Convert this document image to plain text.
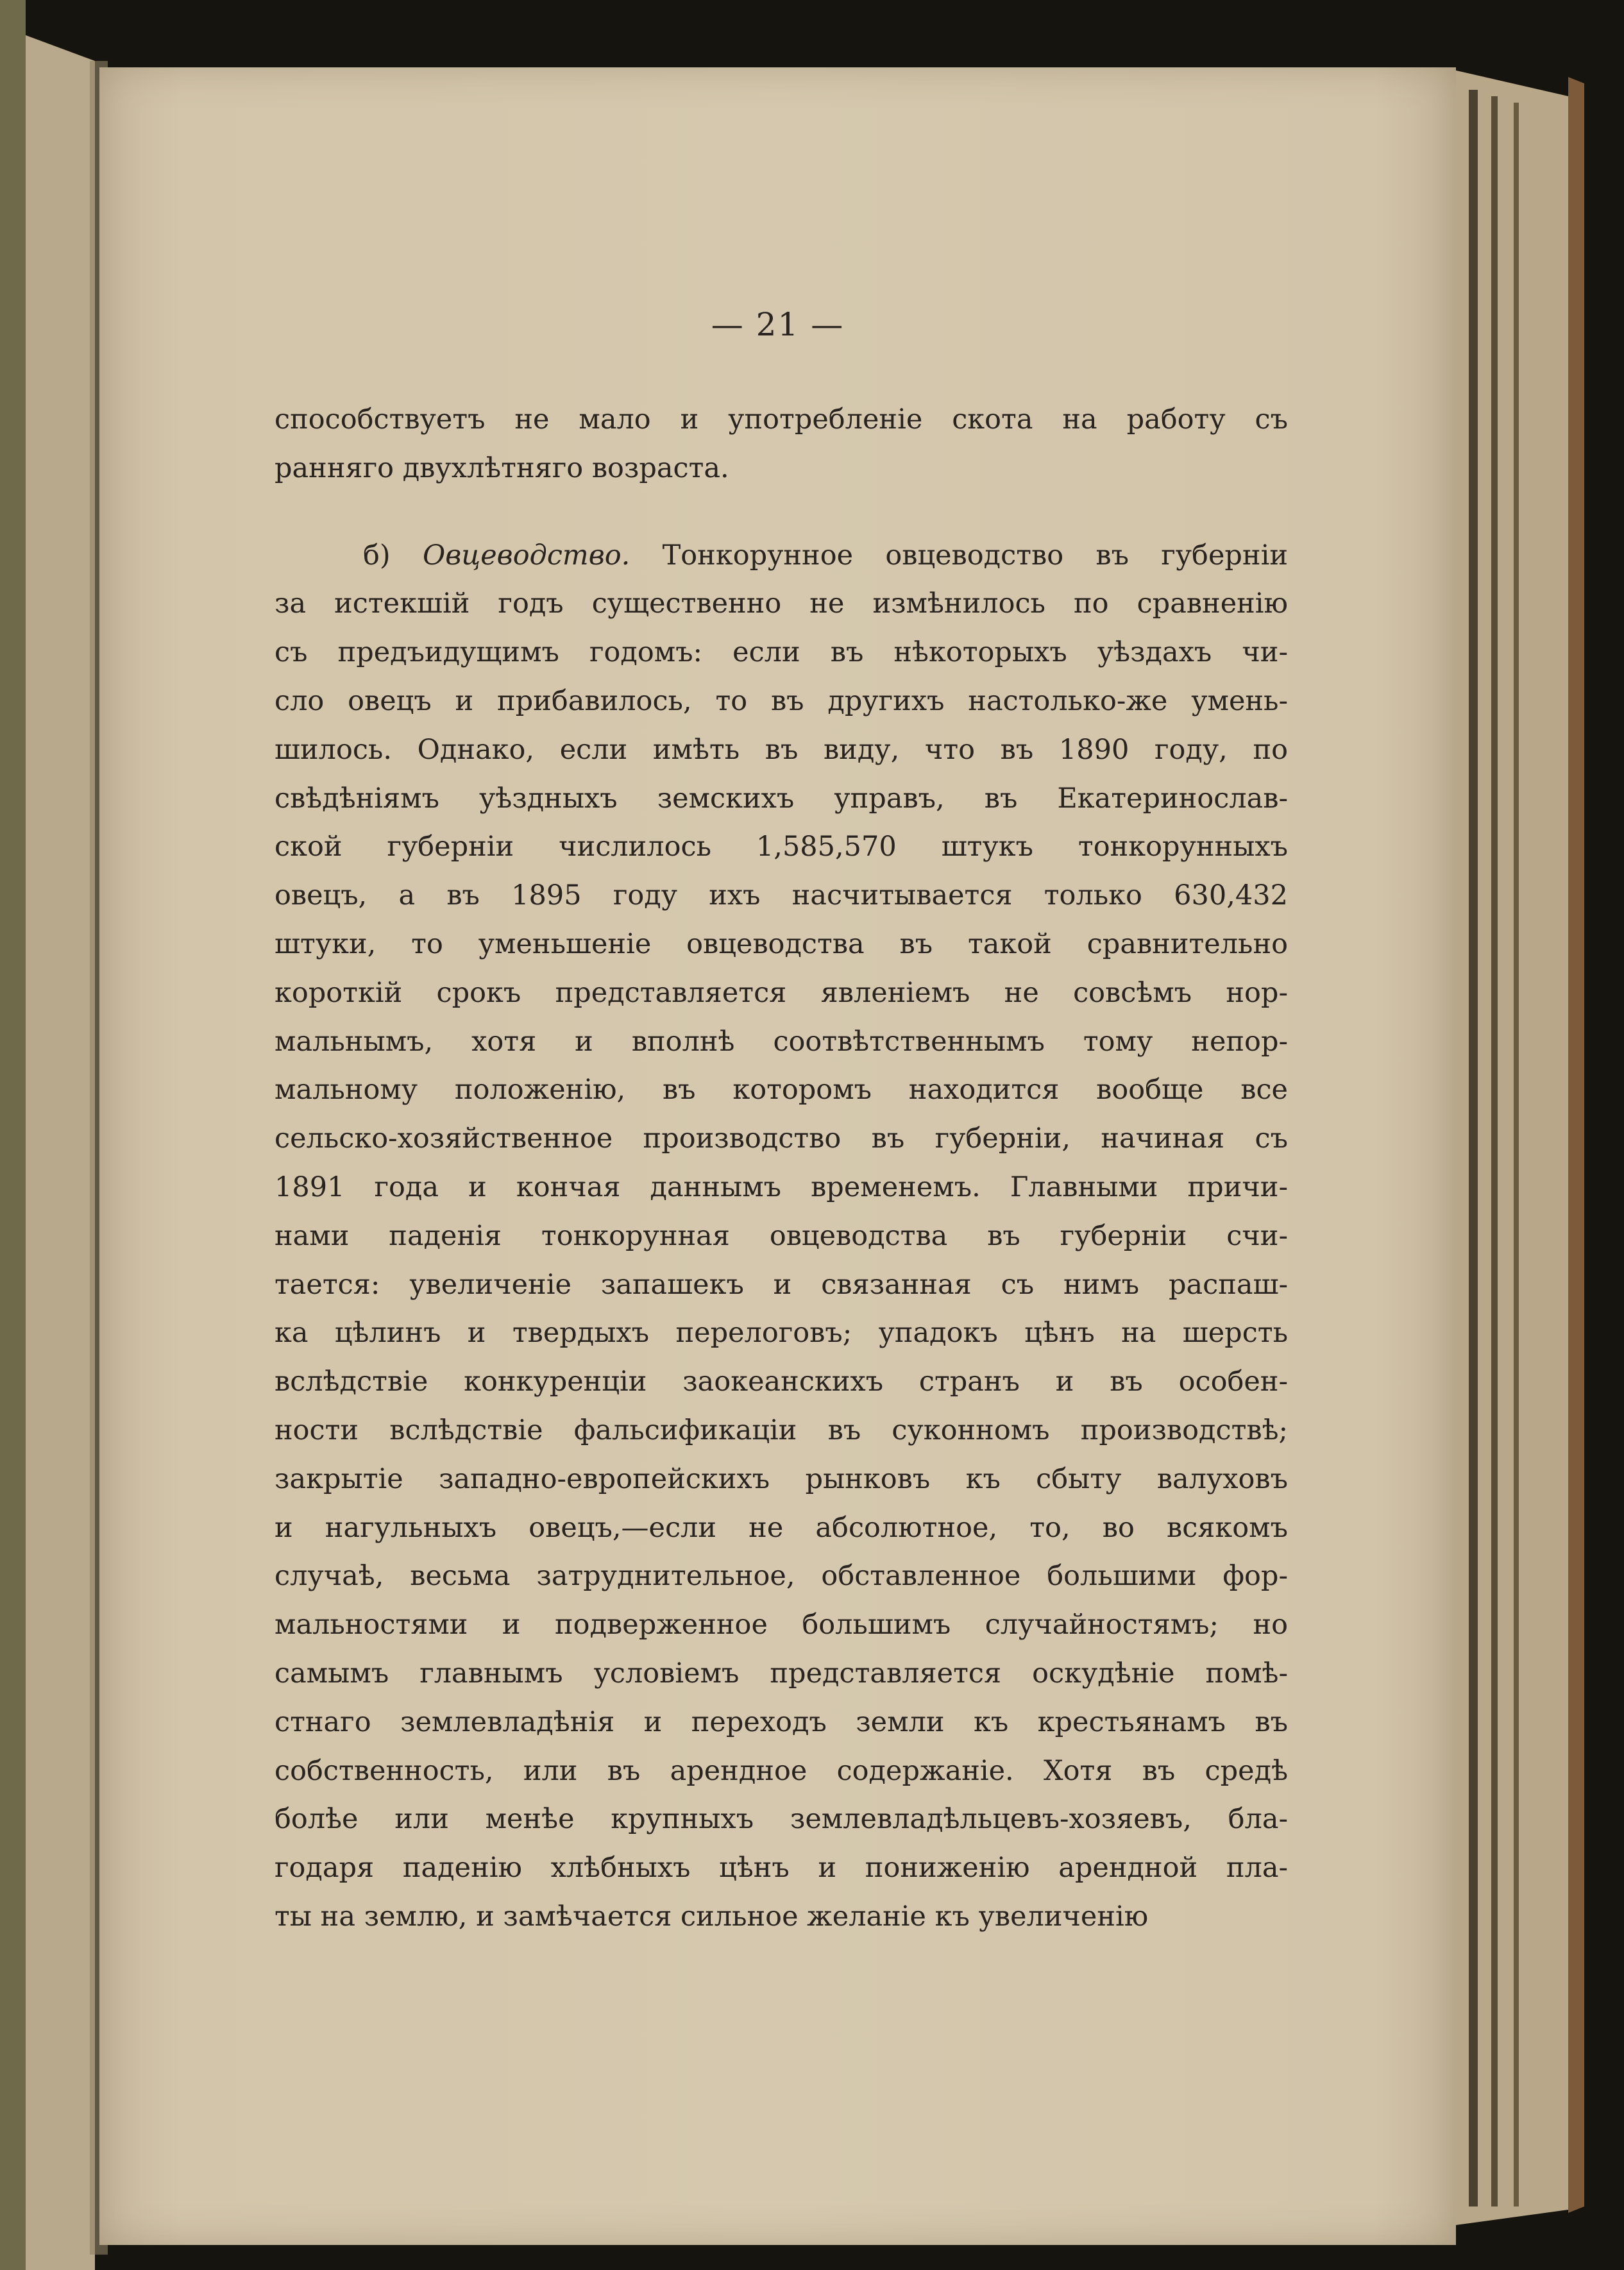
— 21 —

способствуетъ не мало и употребленіе скота на работу съ
ранняго двухлѣтняго возраста.
б) Овцеводство. Тонкорунное овцеводство въ губерніи
за истекшій годъ существенно не измѣнилось по сравненію
съ предъидущимъ годомъ: если въ нѣкоторыхъ уѣздахъ чи-
сло овецъ и прибавилось, то въ другихъ настолько-же умень-
шилось. Однако, если имѣть въ виду, что въ 1890 году, по
свѣдѣніямъ уѣздныхъ земскихъ управъ, въ Екатеринослав-
ской губерніи числилось 1,585,570 штукъ тонкорунныхъ
овецъ, а въ 1895 году ихъ насчитывается только 630,432
штуки, то уменьшеніе овцеводства въ такой сравнительно
короткій срокъ представляется явленіемъ не совсѣмъ нор-
мальнымъ, хотя и вполнѣ соотвѣтственнымъ тому непор-
мальному положенію, въ которомъ находится вообще все
сельско-хозяйственное производство въ губерніи, начиная съ
1891 года и кончая даннымъ временемъ. Главными причи-
нами паденія тонкорунная овцеводства въ губерніи счи-
тается: увеличеніе запашекъ и связанная съ нимъ распаш-
ка цѣлинъ и твердыхъ перелоговъ; упадокъ цѣнъ на шерсть
вслѣдствіе конкуренціи заокеанскихъ странъ и въ особен-
ности вслѣдствіе фальсификаціи въ суконномъ производствѣ;
закрытіе западно-европейскихъ рынковъ къ сбыту валуховъ
и нагульныхъ овецъ,—если не абсолютное, то, во всякомъ
случаѣ, весьма затруднительное, обставленное большими фор-
мальностями и подверженное большимъ случайностямъ; но
самымъ главнымъ условіемъ представляется оскудѣніе помѣ-
стнаго землевладѣнія и переходъ земли къ крестьянамъ въ
собственность, или въ арендное содержаніе. Хотя въ средѣ
болѣе или менѣе крупныхъ землевладѣльцевъ-хозяевъ, бла-
годаря паденію хлѣбныхъ цѣнъ и пониженію арендной пла-
ты на землю, и замѣчается сильное желаніе къ увеличенію
